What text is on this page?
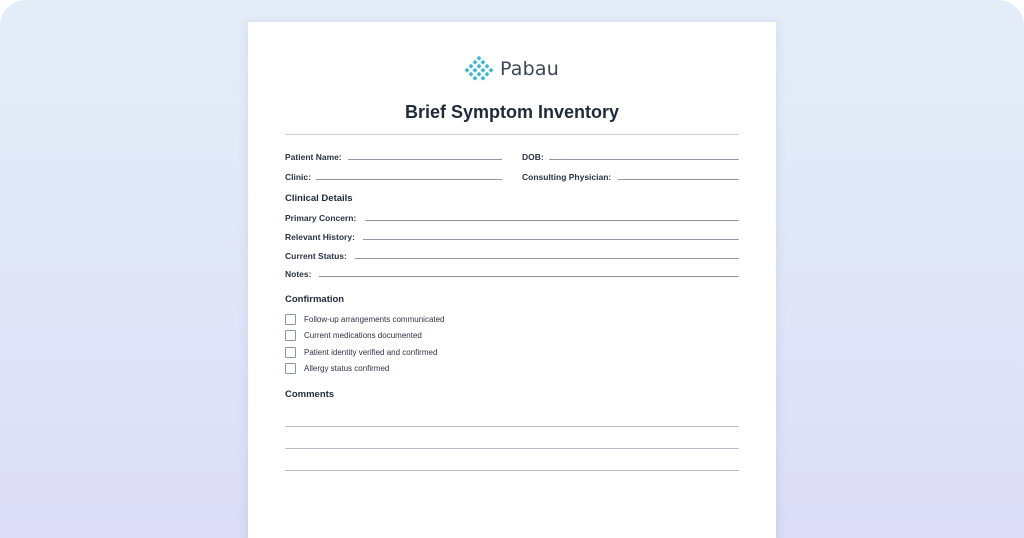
Pabau
Brief Symptom Inventory
Patient Name:	DOB:
Clinic:	Consulting Physician:
Clinical Details
Primary Concern:
Relevant History:
Current Status:
Notes:
Confirmation
Follow-up arrangements communicated
Current medications documented
Patient identity verified and confirmed
Allergy status confirmed
Comments
